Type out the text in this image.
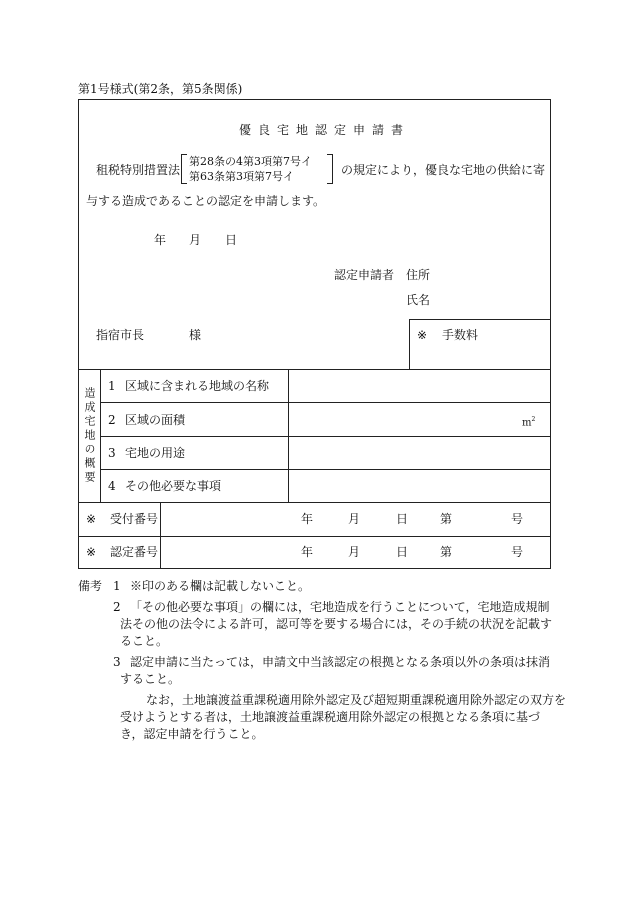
第1号様式(第2条，第5条関係)
優良宅地認定申請書
租税特別措置法
第28条の4第3項第7号イ
第63条第3項第7号イ	の規定により，優良な宅地の供給に寄
与する造成であることの認定を申請します。
年 月 日
認定申請者 住所
氏名
指宿市長	様	※ 手数料
造成宅地の概要
1 区域に含まれる地域の名称
2 区域の面積	$m^2$
3 宅地の用途
4 その他必要な事項
※ 受付番号	年	月	日	第	号
※ 認定番号	年	月	日	第	号
備考 1 ※印のある欄は記載しないこと。
2 「その他必要な事項」の欄には，宅地造成を行うことについて，宅地造成規制
法その他の法令による許可，認可等を要する場合には，その手続の状況を記載す
ること。
3 認定申請に当たっては，申請文中当該認定の根拠となる条項以外の条項は抹消
すること。
なお，土地譲渡益重課税適用除外認定及び超短期重課税適用除外認定の双方を
受けようとする者は，土地譲渡益重課税適用除外認定の根拠となる条項に基づ
き，認定申請を行うこと。
